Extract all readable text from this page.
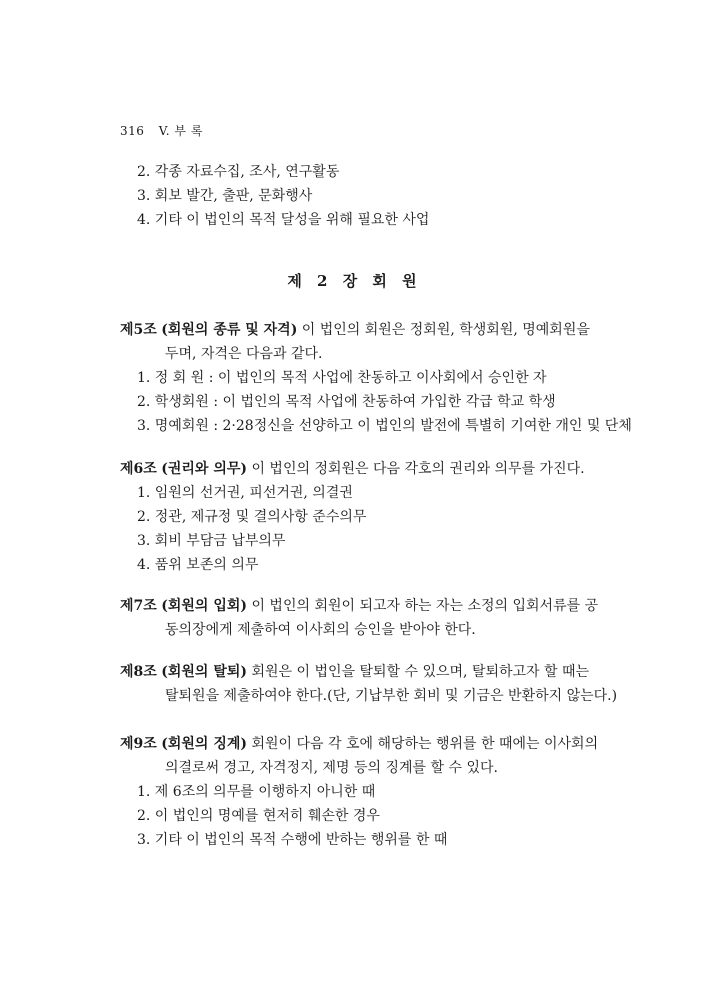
316 V. 부 록
2. 각종 자료수집, 조사, 연구활동
3. 회보 발간, 출판, 문화행사
4. 기타 이 법인의 목적 달성을 위해 필요한 사업
제 2 장 회 원
제5조 (회원의 종류 및 자격) 이 법인의 회원은 정회원, 학생회원, 명예회원을
두며, 자격은 다음과 같다.
1. 정 회 원 : 이 법인의 목적 사업에 찬동하고 이사회에서 승인한 자
2. 학생회원 : 이 법인의 목적 사업에 찬동하여 가입한 각급 학교 학생
3. 명예회원 : 2·28정신을 선양하고 이 법인의 발전에 특별히 기여한 개인 및 단체
제6조 (권리와 의무) 이 법인의 정회원은 다음 각호의 권리와 의무를 가진다.
1. 임원의 선거권, 피선거권, 의결권
2. 정관, 제규정 및 결의사항 준수의무
3. 회비 부담금 납부의무
4. 품위 보존의 의무
제7조 (회원의 입회) 이 법인의 회원이 되고자 하는 자는 소정의 입회서류를 공
동의장에게 제출하여 이사회의 승인을 받아야 한다.
제8조 (회원의 탈퇴) 회원은 이 법인을 탈퇴할 수 있으며, 탈퇴하고자 할 때는
탈퇴원을 제출하여야 한다.(단, 기납부한 회비 및 기금은 반환하지 않는다.)
제9조 (회원의 징계) 회원이 다음 각 호에 해당하는 행위를 한 때에는 이사회의
의결로써 경고, 자격정지, 제명 등의 징계를 할 수 있다.
1. 제 6조의 의무를 이행하지 아니한 때
2. 이 법인의 명예를 현저히 훼손한 경우
3. 기타 이 법인의 목적 수행에 반하는 행위를 한 때
